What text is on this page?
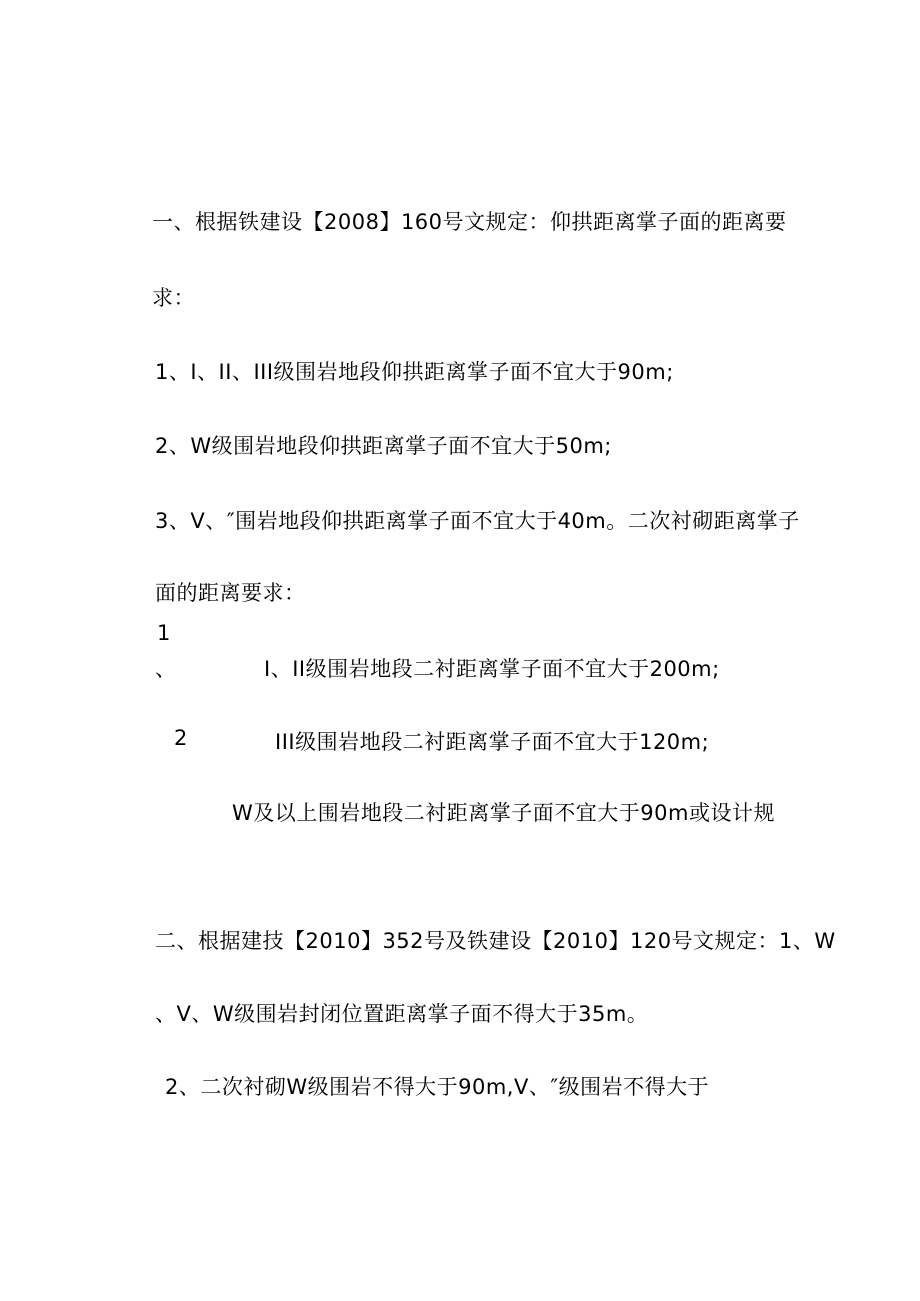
一、根据铁建设【2008】160号文规定：仰拱距离掌子面的距离要
求：
1、I、II、III级围岩地段仰拱距离掌子面不宜大于90m;
2、W级围岩地段仰拱距离掌子面不宜大于50m;
3、V、″围岩地段仰拱距离掌子面不宜大于40m。二次衬砌距离掌子
面的距离要求：
1
、	I、II级围岩地段二衬距离掌子面不宜大于200m;
2	III级围岩地段二衬距离掌子面不宜大于120m;
W及以上围岩地段二衬距离掌子面不宜大于90m或设计规
二、根据建技【2010】352号及铁建设【2010】120号文规定：1、W
、V、W级围岩封闭位置距离掌子面不得大于35m。
2、二次衬砌W级围岩不得大于90m,V、″级围岩不得大于
